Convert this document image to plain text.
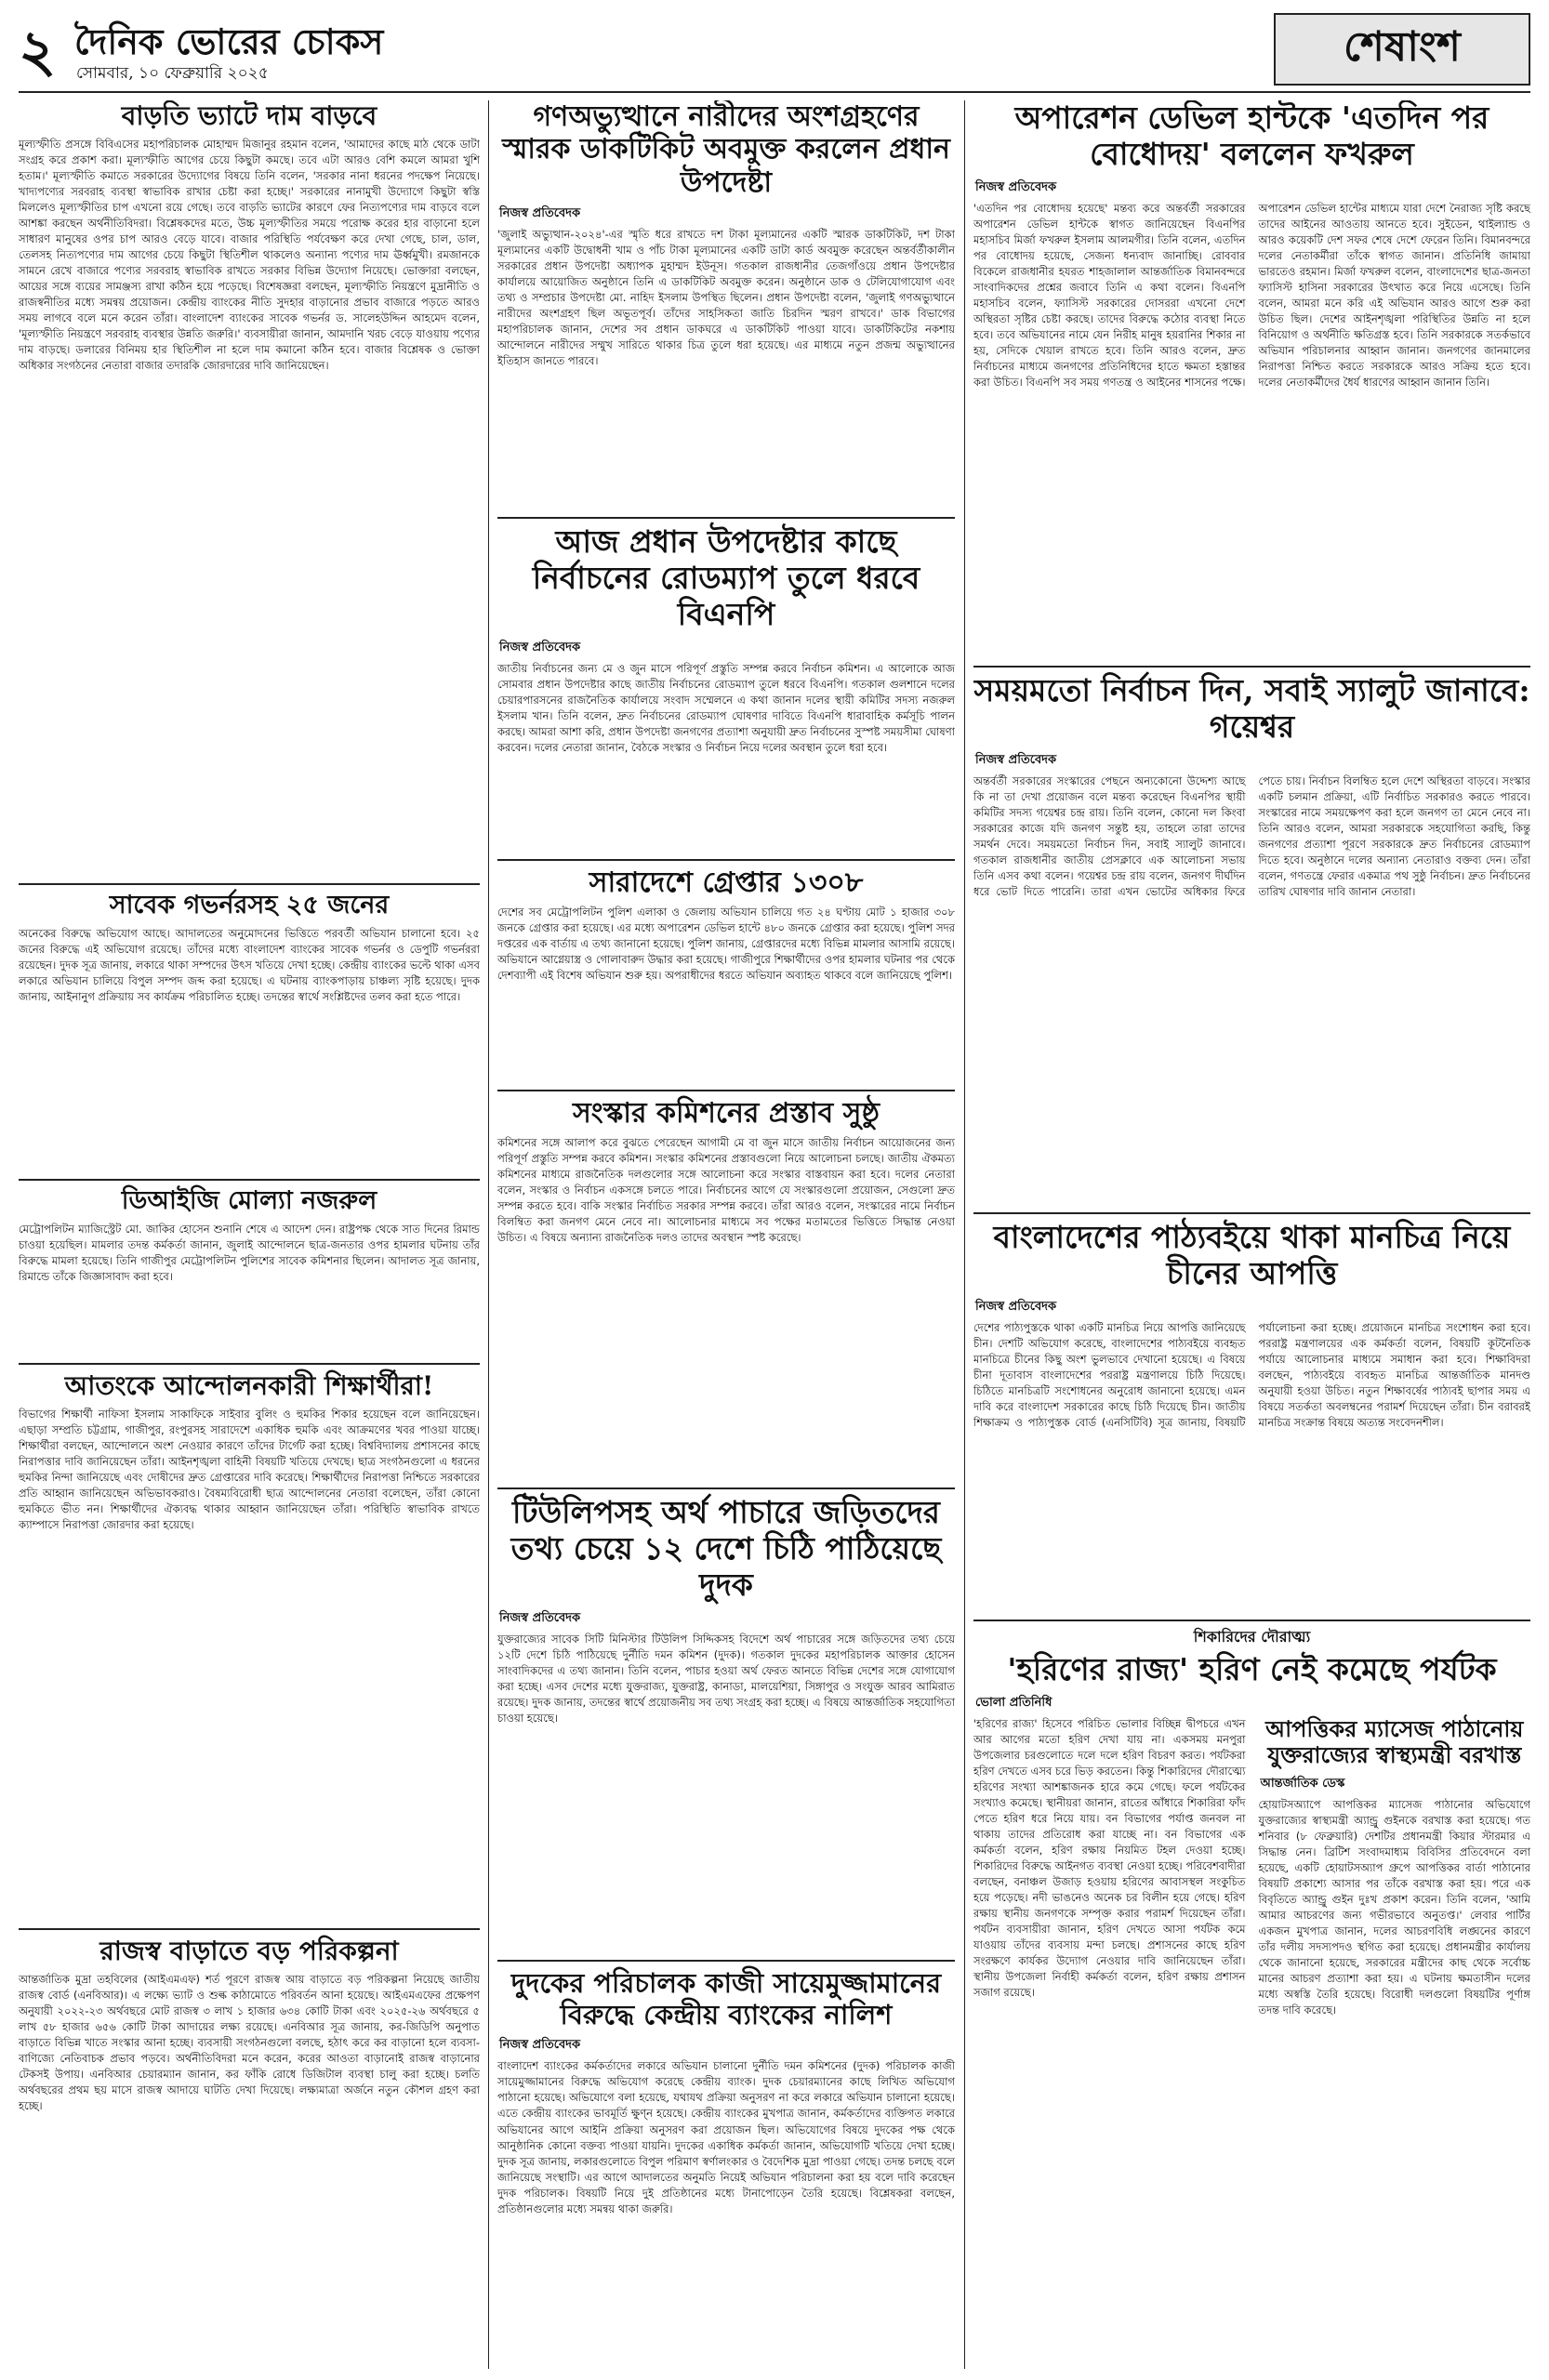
২ দৈনিক ভোরের চোকস
সোমবার, ১০ ফেব্রুয়ারি ২০২৫
শেষাংশ
বাড়তি ভ্যাটে দাম বাড়বে

মূল্যস্ফীতি প্রসঙ্গে বিবিএসের মহাপরিচালক মোহাম্মদ মিজানুর রহমান বলেন, 'আমাদের কাছে মাঠ থেকে ডাটা সংগ্রহ করে প্রকাশ করা। মূল্যস্ফীতি আগের চেয়ে কিছুটা কমছে। তবে এটা আরও বেশি কমলে আমরা খুশি হতাম।' মূল্যস্ফীতি কমাতে সরকারের উদ্যোগের বিষয়ে তিনি বলেন, 'সরকার নানা ধরনের পদক্ষেপ নিয়েছে। খাদ্যপণ্যের সরবরাহ ব্যবস্থা স্বাভাবিক রাখার চেষ্টা করা হচ্ছে।' সরকারের নানামুখী উদ্যোগে কিছুটা স্বস্তি মিললেও মূল্যস্ফীতির চাপ এখনো রয়ে গেছে। তবে বাড়তি ভ্যাটের কারণে ফের নিত্যপণ্যের দাম বাড়বে বলে আশঙ্কা করছেন অর্থনীতিবিদরা। বিশ্লেষকদের মতে, উচ্চ মূল্যস্ফীতির সময়ে পরোক্ষ করের হার বাড়ানো হলে সাধারণ মানুষের ওপর চাপ আরও বেড়ে যাবে। বাজার পরিস্থিতি পর্যবেক্ষণ করে দেখা গেছে, চাল, ডাল, তেলসহ নিত্যপণ্যের দাম আগের চেয়ে কিছুটা স্থিতিশীল থাকলেও অন্যান্য পণ্যের দাম ঊর্ধ্বমুখী। রমজানকে সামনে রেখে বাজারে পণ্যের সরবরাহ স্বাভাবিক রাখতে সরকার বিভিন্ন উদ্যোগ নিয়েছে। ভোক্তারা বলছেন, আয়ের সঙ্গে ব্যয়ের সামঞ্জস্য রাখা কঠিন হয়ে পড়েছে। বিশেষজ্ঞরা বলছেন, মূল্যস্ফীতি নিয়ন্ত্রণে মুদ্রানীতি ও রাজস্বনীতির মধ্যে সমন্বয় প্রয়োজন। কেন্দ্রীয় ব্যাংকের নীতি সুদহার বাড়ানোর প্রভাব বাজারে পড়তে আরও সময় লাগবে বলে মনে করেন তাঁরা। বাংলাদেশ ব্যাংকের সাবেক গভর্নর ড. সালেহউদ্দিন আহমেদ বলেন, 'মূল্যস্ফীতি নিয়ন্ত্রণে সরবরাহ ব্যবস্থার উন্নতি জরুরি।' ব্যবসায়ীরা জানান, আমদানি খরচ বেড়ে যাওয়ায় পণ্যের দাম বাড়ছে। ডলারের বিনিময় হার স্থিতিশীল না হলে দাম কমানো কঠিন হবে। বাজার বিশ্লেষক ও ভোক্তা অধিকার সংগঠনের নেতারা বাজার তদারকি জোরদারের দাবি জানিয়েছেন।

সাবেক গভর্নরসহ ২৫ জনের

অনেকের বিরুদ্ধে অভিযোগ আছে। আদালতের অনুমোদনের ভিত্তিতে পরবর্তী অভিযান চালানো হবে। ২৫ জনের বিরুদ্ধে এই অভিযোগ রয়েছে। তাঁদের মধ্যে বাংলাদেশ ব্যাংকের সাবেক গভর্নর ও ডেপুটি গভর্নররা রয়েছেন। দুদক সূত্র জানায়, লকারে থাকা সম্পদের উৎস খতিয়ে দেখা হচ্ছে। কেন্দ্রীয় ব্যাংকের ভল্টে থাকা এসব লকারে অভিযান চালিয়ে বিপুল সম্পদ জব্দ করা হয়েছে। এ ঘটনায় ব্যাংকপাড়ায় চাঞ্চল্য সৃষ্টি হয়েছে। দুদক জানায়, আইনানুগ প্রক্রিয়ায় সব কার্যক্রম পরিচালিত হচ্ছে। তদন্তের স্বার্থে সংশ্লিষ্টদের তলব করা হতে পারে।

ডিআইজি মোল্যা নজরুল

মেট্রোপলিটন ম্যাজিস্ট্রেট মো. জাকির হোসেন শুনানি শেষে এ আদেশ দেন। রাষ্ট্রপক্ষ থেকে সাত দিনের রিমান্ড চাওয়া হয়েছিল। মামলার তদন্ত কর্মকর্তা জানান, জুলাই আন্দোলনে ছাত্র-জনতার ওপর হামলার ঘটনায় তাঁর বিরুদ্ধে মামলা হয়েছে। তিনি গাজীপুর মেট্রোপলিটন পুলিশের সাবেক কমিশনার ছিলেন। আদালত সূত্র জানায়, রিমান্ডে তাঁকে জিজ্ঞাসাবাদ করা হবে।

আতংকে আন্দোলনকারী শিক্ষার্থীরা!

বিভাগের শিক্ষার্থী নাফিসা ইসলাম সাকাফিকে সাইবার বুলিং ও হুমকির শিকার হয়েছেন বলে জানিয়েছেন। এছাড়া সম্প্রতি চট্টগ্রাম, গাজীপুর, রংপুরসহ সারাদেশে একাধিক হুমকি এবং আক্রমণের খবর পাওয়া যাচ্ছে। শিক্ষার্থীরা বলছেন, আন্দোলনে অংশ নেওয়ার কারণে তাঁদের টার্গেট করা হচ্ছে। বিশ্ববিদ্যালয় প্রশাসনের কাছে নিরাপত্তার দাবি জানিয়েছেন তাঁরা। আইনশৃঙ্খলা বাহিনী বিষয়টি খতিয়ে দেখছে। ছাত্র সংগঠনগুলো এ ধরনের হুমকির নিন্দা জানিয়েছে এবং দোষীদের দ্রুত গ্রেপ্তারের দাবি করেছে। শিক্ষার্থীদের নিরাপত্তা নিশ্চিতে সরকারের প্রতি আহ্বান জানিয়েছেন অভিভাবকরাও। বৈষম্যবিরোধী ছাত্র আন্দোলনের নেতারা বলেছেন, তাঁরা কোনো হুমকিতে ভীত নন। শিক্ষার্থীদের ঐক্যবদ্ধ থাকার আহ্বান জানিয়েছেন তাঁরা। পরিস্থিতি স্বাভাবিক রাখতে ক্যাম্পাসে নিরাপত্তা জোরদার করা হয়েছে।

রাজস্ব বাড়াতে বড় পরিকল্পনা

আন্তর্জাতিক মুদ্রা তহবিলের (আইএমএফ) শর্ত পূরণে রাজস্ব আয় বাড়াতে বড় পরিকল্পনা নিয়েছে জাতীয় রাজস্ব বোর্ড (এনবিআর)। এ লক্ষ্যে ভ্যাট ও শুল্ক কাঠামোতে পরিবর্তন আনা হয়েছে। আইএমএফের প্রক্ষেপণ অনুযায়ী ২০২২-২৩ অর্থবছরে মোট রাজস্ব ৩ লাখ ১ হাজার ৬৩৪ কোটি টাকা এবং ২০২৫-২৬ অর্থবছরে ৫ লাখ ৫৮ হাজার ৬৫৬ কোটি টাকা আদায়ের লক্ষ্য রয়েছে। এনবিআর সূত্র জানায়, কর-জিডিপি অনুপাত বাড়াতে বিভিন্ন খাতে সংস্কার আনা হচ্ছে। ব্যবসায়ী সংগঠনগুলো বলছে, হঠাৎ করে কর বাড়ানো হলে ব্যবসা-বাণিজ্যে নেতিবাচক প্রভাব পড়বে। অর্থনীতিবিদরা মনে করেন, করের আওতা বাড়ানোই রাজস্ব বাড়ানোর টেকসই উপায়। এনবিআর চেয়ারম্যান জানান, কর ফাঁকি রোধে ডিজিটাল ব্যবস্থা চালু করা হচ্ছে। চলতি অর্থবছরের প্রথম ছয় মাসে রাজস্ব আদায়ে ঘাটতি দেখা দিয়েছে। লক্ষ্যমাত্রা অর্জনে নতুন কৌশল গ্রহণ করা হচ্ছে।

গণঅভ্যুত্থানে নারীদের অংশগ্রহণের স্মারক ডাকটিকিট অবমুক্ত করলেন প্রধান উপদেষ্টা
নিজস্ব প্রতিবেদক

'জুলাই অভ্যুত্থান-২০২৪'-এর স্মৃতি ধরে রাখতে দশ টাকা মূল্যমানের একটি স্মারক ডাকটিকিট, দশ টাকা মূল্যমানের একটি উদ্বোধনী খাম ও পাঁচ টাকা মূল্যমানের একটি ডাটা কার্ড অবমুক্ত করেছেন অন্তর্বর্তীকালীন সরকারের প্রধান উপদেষ্টা অধ্যাপক মুহাম্মদ ইউনূস। গতকাল রাজধানীর তেজগাঁওয়ে প্রধান উপদেষ্টার কার্যালয়ে আয়োজিত অনুষ্ঠানে তিনি এ ডাকটিকিট অবমুক্ত করেন। অনুষ্ঠানে ডাক ও টেলিযোগাযোগ এবং তথ্য ও সম্প্রচার উপদেষ্টা মো. নাহিদ ইসলাম উপস্থিত ছিলেন। প্রধান উপদেষ্টা বলেন, 'জুলাই গণঅভ্যুত্থানে নারীদের অংশগ্রহণ ছিল অভূতপূর্ব। তাঁদের সাহসিকতা জাতি চিরদিন স্মরণ রাখবে।' ডাক বিভাগের মহাপরিচালক জানান, দেশের সব প্রধান ডাকঘরে এ ডাকটিকিট পাওয়া যাবে। ডাকটিকিটের নকশায় আন্দোলনে নারীদের সম্মুখ সারিতে থাকার চিত্র তুলে ধরা হয়েছে। এর মাধ্যমে নতুন প্রজন্ম অভ্যুত্থানের ইতিহাস জানতে পারবে।

আজ প্রধান উপদেষ্টার কাছে নির্বাচনের রোডম্যাপ তুলে ধরবে বিএনপি
নিজস্ব প্রতিবেদক

জাতীয় নির্বাচনের জন্য মে ও জুন মাসে পরিপূর্ণ প্রস্তুতি সম্পন্ন করবে নির্বাচন কমিশন। এ আলোকে আজ সোমবার প্রধান উপদেষ্টার কাছে জাতীয় নির্বাচনের রোডম্যাপ তুলে ধরবে বিএনপি। গতকাল গুলশানে দলের চেয়ারপারসনের রাজনৈতিক কার্যালয়ে সংবাদ সম্মেলনে এ কথা জানান দলের স্থায়ী কমিটির সদস্য নজরুল ইসলাম খান। তিনি বলেন, দ্রুত নির্বাচনের রোডম্যাপ ঘোষণার দাবিতে বিএনপি ধারাবাহিক কর্মসূচি পালন করছে। আমরা আশা করি, প্রধান উপদেষ্টা জনগণের প্রত্যাশা অনুযায়ী দ্রুত নির্বাচনের সুস্পষ্ট সময়সীমা ঘোষণা করবেন। দলের নেতারা জানান, বৈঠকে সংস্কার ও নির্বাচন নিয়ে দলের অবস্থান তুলে ধরা হবে।

সারাদেশে গ্রেপ্তার ১৩০৮

দেশের সব মেট্রোপলিটন পুলিশ এলাকা ও জেলায় অভিযান চালিয়ে গত ২৪ ঘণ্টায় মোট ১ হাজার ৩০৮ জনকে গ্রেপ্তার করা হয়েছে। এর মধ্যে অপারেশন ডেভিল হান্টে ৪৮০ জনকে গ্রেপ্তার করা হয়েছে। পুলিশ সদর দপ্তরের এক বার্তায় এ তথ্য জানানো হয়েছে। পুলিশ জানায়, গ্রেপ্তারদের মধ্যে বিভিন্ন মামলার আসামি রয়েছে। অভিযানে আগ্নেয়াস্ত্র ও গোলাবারুদ উদ্ধার করা হয়েছে। গাজীপুরে শিক্ষার্থীদের ওপর হামলার ঘটনার পর থেকে দেশব্যাপী এই বিশেষ অভিযান শুরু হয়। অপরাধীদের ধরতে অভিযান অব্যাহত থাকবে বলে জানিয়েছে পুলিশ।

সংস্কার কমিশনের প্রস্তাব সুষ্ঠু

কমিশনের সঙ্গে আলাপ করে বুঝতে পেরেছেন আগামী মে বা জুন মাসে জাতীয় নির্বাচন আয়োজনের জন্য পরিপূর্ণ প্রস্তুতি সম্পন্ন করবে কমিশন। সংস্কার কমিশনের প্রস্তাবগুলো নিয়ে আলোচনা চলছে। জাতীয় ঐকমত্য কমিশনের মাধ্যমে রাজনৈতিক দলগুলোর সঙ্গে আলোচনা করে সংস্কার বাস্তবায়ন করা হবে। দলের নেতারা বলেন, সংস্কার ও নির্বাচন একসঙ্গে চলতে পারে। নির্বাচনের আগে যে সংস্কারগুলো প্রয়োজন, সেগুলো দ্রুত সম্পন্ন করতে হবে। বাকি সংস্কার নির্বাচিত সরকার সম্পন্ন করবে। তাঁরা আরও বলেন, সংস্কারের নামে নির্বাচন বিলম্বিত করা জনগণ মেনে নেবে না। আলোচনার মাধ্যমে সব পক্ষের মতামতের ভিত্তিতে সিদ্ধান্ত নেওয়া উচিত। এ বিষয়ে অন্যান্য রাজনৈতিক দলও তাদের অবস্থান স্পষ্ট করেছে।

টিউলিপসহ অর্থ পাচারে জড়িতদের তথ্য চেয়ে ১২ দেশে চিঠি পাঠিয়েছে দুদক
নিজস্ব প্রতিবেদক

যুক্তরাজ্যের সাবেক সিটি মিনিস্টার টিউলিপ সিদ্দিকসহ বিদেশে অর্থ পাচারের সঙ্গে জড়িতদের তথ্য চেয়ে ১২টি দেশে চিঠি পাঠিয়েছে দুর্নীতি দমন কমিশন (দুদক)। গতকাল দুদকের মহাপরিচালক আক্তার হোসেন সাংবাদিকদের এ তথ্য জানান। তিনি বলেন, পাচার হওয়া অর্থ ফেরত আনতে বিভিন্ন দেশের সঙ্গে যোগাযোগ করা হচ্ছে। এসব দেশের মধ্যে যুক্তরাজ্য, যুক্তরাষ্ট্র, কানাডা, মালয়েশিয়া, সিঙ্গাপুর ও সংযুক্ত আরব আমিরাত রয়েছে। দুদক জানায়, তদন্তের স্বার্থে প্রয়োজনীয় সব তথ্য সংগ্রহ করা হচ্ছে। এ বিষয়ে আন্তর্জাতিক সহযোগিতা চাওয়া হয়েছে।

দুদকের পরিচালক কাজী সায়েমুজ্জামানের বিরুদ্ধে কেন্দ্রীয় ব্যাংকের নালিশ
নিজস্ব প্রতিবেদক

বাংলাদেশ ব্যাংকের কর্মকর্তাদের লকারে অভিযান চালানো দুর্নীতি দমন কমিশনের (দুদক) পরিচালক কাজী সায়েমুজ্জামানের বিরুদ্ধে অভিযোগ করেছে কেন্দ্রীয় ব্যাংক। দুদক চেয়ারম্যানের কাছে লিখিত অভিযোগ পাঠানো হয়েছে। অভিযোগে বলা হয়েছে, যথাযথ প্রক্রিয়া অনুসরণ না করে লকারে অভিযান চালানো হয়েছে। এতে কেন্দ্রীয় ব্যাংকের ভাবমূর্তি ক্ষুণ্ন হয়েছে। কেন্দ্রীয় ব্যাংকের মুখপাত্র জানান, কর্মকর্তাদের ব্যক্তিগত লকারে অভিযানের আগে আইনি প্রক্রিয়া অনুসরণ করা প্রয়োজন ছিল। অভিযোগের বিষয়ে দুদকের পক্ষ থেকে আনুষ্ঠানিক কোনো বক্তব্য পাওয়া যায়নি। দুদকের একাধিক কর্মকর্তা জানান, অভিযোগটি খতিয়ে দেখা হচ্ছে। দুদক সূত্র জানায়, লকারগুলোতে বিপুল পরিমাণ স্বর্ণালংকার ও বৈদেশিক মুদ্রা পাওয়া গেছে। তদন্ত চলছে বলে জানিয়েছে সংস্থাটি। এর আগে আদালতের অনুমতি নিয়েই অভিযান পরিচালনা করা হয় বলে দাবি করেছেন দুদক পরিচালক। বিষয়টি নিয়ে দুই প্রতিষ্ঠানের মধ্যে টানাপোড়েন তৈরি হয়েছে। বিশ্লেষকরা বলছেন, প্রতিষ্ঠানগুলোর মধ্যে সমন্বয় থাকা জরুরি।

অপারেশন ডেভিল হান্টকে 'এতদিন পর বোধোদয়' বললেন ফখরুল
নিজস্ব প্রতিবেদক

'এতদিন পর বোধোদয় হয়েছে' মন্তব্য করে অন্তর্বর্তী সরকারের অপারেশন ডেভিল হান্টকে স্বাগত জানিয়েছেন বিএনপির মহাসচিব মির্জা ফখরুল ইসলাম আলমগীর। তিনি বলেন, এতদিন পর বোধোদয় হয়েছে, সেজন্য ধন্যবাদ জানাচ্ছি। রোববার বিকেলে রাজধানীর হযরত শাহজালাল আন্তর্জাতিক বিমানবন্দরে সাংবাদিকদের প্রশ্নের জবাবে তিনি এ কথা বলেন। বিএনপি মহাসচিব বলেন, ফ্যাসিস্ট সরকারের দোসররা এখনো দেশে অস্থিরতা সৃষ্টির চেষ্টা করছে। তাদের বিরুদ্ধে কঠোর ব্যবস্থা নিতে হবে। তবে অভিযানের নামে যেন নিরীহ মানুষ হয়রানির শিকার না হয়, সেদিকে খেয়াল রাখতে হবে। তিনি আরও বলেন, দ্রুত নির্বাচনের মাধ্যমে জনগণের প্রতিনিধিদের হাতে ক্ষমতা হস্তান্তর করা উচিত। বিএনপি সব সময় গণতন্ত্র ও আইনের শাসনের পক্ষে। অপারেশন ডেভিল হান্টের মাধ্যমে যারা দেশে নৈরাজ্য সৃষ্টি করছে তাদের আইনের আওতায় আনতে হবে। সুইডেন, থাইল্যান্ড ও আরও কয়েকটি দেশ সফর শেষে দেশে ফেরেন তিনি। বিমানবন্দরে দলের নেতাকর্মীরা তাঁকে স্বাগত জানান। প্রতিনিধি জামায়া ভারতেও রহমান। মির্জা ফখরুল বলেন, বাংলাদেশের ছাত্র-জনতা ফ্যাসিস্ট হাসিনা সরকারের উৎখাত করে নিয়ে এসেছে। তিনি বলেন, আমরা মনে করি এই অভিযান আরও আগে শুরু করা উচিত ছিল। দেশের আইনশৃঙ্খলা পরিস্থিতির উন্নতি না হলে বিনিয়োগ ও অর্থনীতি ক্ষতিগ্রস্ত হবে। তিনি সরকারকে সতর্কভাবে অভিযান পরিচালনার আহ্বান জানান। জনগণের জানমালের নিরাপত্তা নিশ্চিত করতে সরকারকে আরও সক্রিয় হতে হবে। দলের নেতাকর্মীদের ধৈর্য ধারণের আহ্বান জানান তিনি।

সময়মতো নির্বাচন দিন, সবাই স্যালুট জানাবে: গয়েশ্বর
নিজস্ব প্রতিবেদক

অন্তর্বর্তী সরকারের সংস্কারের পেছনে অন্যকোনো উদ্দেশ্য আছে কি না তা দেখা প্রয়োজন বলে মন্তব্য করেছেন বিএনপির স্থায়ী কমিটির সদস্য গয়েশ্বর চন্দ্র রায়। তিনি বলেন, কোনো দল কিংবা সরকারের কাজে যদি জনগণ সন্তুষ্ট হয়, তাহলে তারা তাদের সমর্থন দেবে। সময়মতো নির্বাচন দিন, সবাই স্যালুট জানাবে। গতকাল রাজধানীর জাতীয় প্রেসক্লাবে এক আলোচনা সভায় তিনি এসব কথা বলেন। গয়েশ্বর চন্দ্র রায় বলেন, জনগণ দীর্ঘদিন ধরে ভোট দিতে পারেনি। তারা এখন ভোটের অধিকার ফিরে পেতে চায়। নির্বাচন বিলম্বিত হলে দেশে অস্থিরতা বাড়বে। সংস্কার একটি চলমান প্রক্রিয়া, এটি নির্বাচিত সরকারও করতে পারবে। সংস্কারের নামে সময়ক্ষেপণ করা হলে জনগণ তা মেনে নেবে না। তিনি আরও বলেন, আমরা সরকারকে সহযোগিতা করছি, কিন্তু জনগণের প্রত্যাশা পূরণে সরকারকে দ্রুত নির্বাচনের রোডম্যাপ দিতে হবে। অনুষ্ঠানে দলের অন্যান্য নেতারাও বক্তব্য দেন। তাঁরা বলেন, গণতন্ত্রে ফেরার একমাত্র পথ সুষ্ঠু নির্বাচন। দ্রুত নির্বাচনের তারিখ ঘোষণার দাবি জানান নেতারা।

বাংলাদেশের পাঠ্যবইয়ে থাকা মানচিত্র নিয়ে চীনের আপত্তি
নিজস্ব প্রতিবেদক

দেশের পাঠ্যপুস্তকে থাকা একটি মানচিত্র নিয়ে আপত্তি জানিয়েছে চীন। দেশটি অভিযোগ করেছে, বাংলাদেশের পাঠ্যবইয়ে ব্যবহৃত মানচিত্রে চীনের কিছু অংশ ভুলভাবে দেখানো হয়েছে। এ বিষয়ে চীনা দূতাবাস বাংলাদেশের পররাষ্ট্র মন্ত্রণালয়ে চিঠি দিয়েছে। চিঠিতে মানচিত্রটি সংশোধনের অনুরোধ জানানো হয়েছে। এমন দাবি করে বাংলাদেশ সরকারের কাছে চিঠি দিয়েছে চীন। জাতীয় শিক্ষাক্রম ও পাঠ্যপুস্তক বোর্ড (এনসিটিবি) সূত্র জানায়, বিষয়টি পর্যালোচনা করা হচ্ছে। প্রয়োজনে মানচিত্র সংশোধন করা হবে। পররাষ্ট্র মন্ত্রণালয়ের এক কর্মকর্তা বলেন, বিষয়টি কূটনৈতিক পর্যায়ে আলোচনার মাধ্যমে সমাধান করা হবে। শিক্ষাবিদরা বলছেন, পাঠ্যবইয়ে ব্যবহৃত মানচিত্র আন্তর্জাতিক মানদণ্ড অনুযায়ী হওয়া উচিত। নতুন শিক্ষাবর্ষের পাঠ্যবই ছাপার সময় এ বিষয়ে সতর্কতা অবলম্বনের পরামর্শ দিয়েছেন তাঁরা। চীন বরাবরই মানচিত্র সংক্রান্ত বিষয়ে অত্যন্ত সংবেদনশীল।

শিকারিদের দৌরাত্ম্য
'হরিণের রাজ্য' হরিণ নেই কমেছে পর্যটক
ভোলা প্রতিনিধি

'হরিণের রাজ্য' হিসেবে পরিচিত ভোলার বিচ্ছিন্ন দ্বীপচরে এখন আর আগের মতো হরিণ দেখা যায় না। একসময় মনপুরা উপজেলার চরগুলোতে দলে দলে হরিণ বিচরণ করত। পর্যটকরা হরিণ দেখতে এসব চরে ভিড় করতেন। কিন্তু শিকারিদের দৌরাত্ম্যে হরিণের সংখ্যা আশঙ্কাজনক হারে কমে গেছে। ফলে পর্যটকের সংখ্যাও কমেছে। স্থানীয়রা জানান, রাতের আঁধারে শিকারিরা ফাঁদ পেতে হরিণ ধরে নিয়ে যায়। বন বিভাগের পর্যাপ্ত জনবল না থাকায় তাদের প্রতিরোধ করা যাচ্ছে না। বন বিভাগের এক কর্মকর্তা বলেন, হরিণ রক্ষায় নিয়মিত টহল দেওয়া হচ্ছে। শিকারিদের বিরুদ্ধে আইনগত ব্যবস্থা নেওয়া হচ্ছে। পরিবেশবাদীরা বলছেন, বনাঞ্চল উজাড় হওয়ায় হরিণের আবাসস্থল সংকুচিত হয়ে পড়েছে। নদী ভাঙনেও অনেক চর বিলীন হয়ে গেছে। হরিণ রক্ষায় স্থানীয় জনগণকে সম্পৃক্ত করার পরামর্শ দিয়েছেন তাঁরা। পর্যটন ব্যবসায়ীরা জানান, হরিণ দেখতে আসা পর্যটক কমে যাওয়ায় তাঁদের ব্যবসায় মন্দা চলছে। প্রশাসনের কাছে হরিণ সংরক্ষণে কার্যকর উদ্যোগ নেওয়ার দাবি জানিয়েছেন তাঁরা। স্থানীয় উপজেলা নির্বাহী কর্মকর্তা বলেন, হরিণ রক্ষায় প্রশাসন সজাগ রয়েছে।

আপত্তিকর ম্যাসেজ পাঠানোয় যুক্তরাজ্যের স্বাস্থ্যমন্ত্রী বরখাস্ত
আন্তর্জাতিক ডেস্ক

হোয়াটসঅ্যাপে আপত্তিকর ম্যাসেজ পাঠানোর অভিযোগে যুক্তরাজ্যের স্বাস্থ্যমন্ত্রী অ্যান্ড্রু গুইনকে বরখাস্ত করা হয়েছে। গত শনিবার (৮ ফেব্রুয়ারি) দেশটির প্রধানমন্ত্রী কিয়ার স্টারমার এ সিদ্ধান্ত নেন। ব্রিটিশ সংবাদমাধ্যম বিবিসির প্রতিবেদনে বলা হয়েছে, একটি হোয়াটসঅ্যাপ গ্রুপে আপত্তিকর বার্তা পাঠানোর বিষয়টি প্রকাশ্যে আসার পর তাঁকে বরখাস্ত করা হয়। পরে এক বিবৃতিতে অ্যান্ড্রু গুইন দুঃখ প্রকাশ করেন। তিনি বলেন, 'আমি আমার আচরণের জন্য গভীরভাবে অনুতপ্ত।' লেবার পার্টির একজন মুখপাত্র জানান, দলের আচরণবিধি লঙ্ঘনের কারণে তাঁর দলীয় সদস্যপদও স্থগিত করা হয়েছে। প্রধানমন্ত্রীর কার্যালয় থেকে জানানো হয়েছে, সরকারের মন্ত্রীদের কাছ থেকে সর্বোচ্চ মানের আচরণ প্রত্যাশা করা হয়। এ ঘটনায় ক্ষমতাসীন দলের মধ্যে অস্বস্তি তৈরি হয়েছে। বিরোধী দলগুলো বিষয়টির পূর্ণাঙ্গ তদন্ত দাবি করেছে।
